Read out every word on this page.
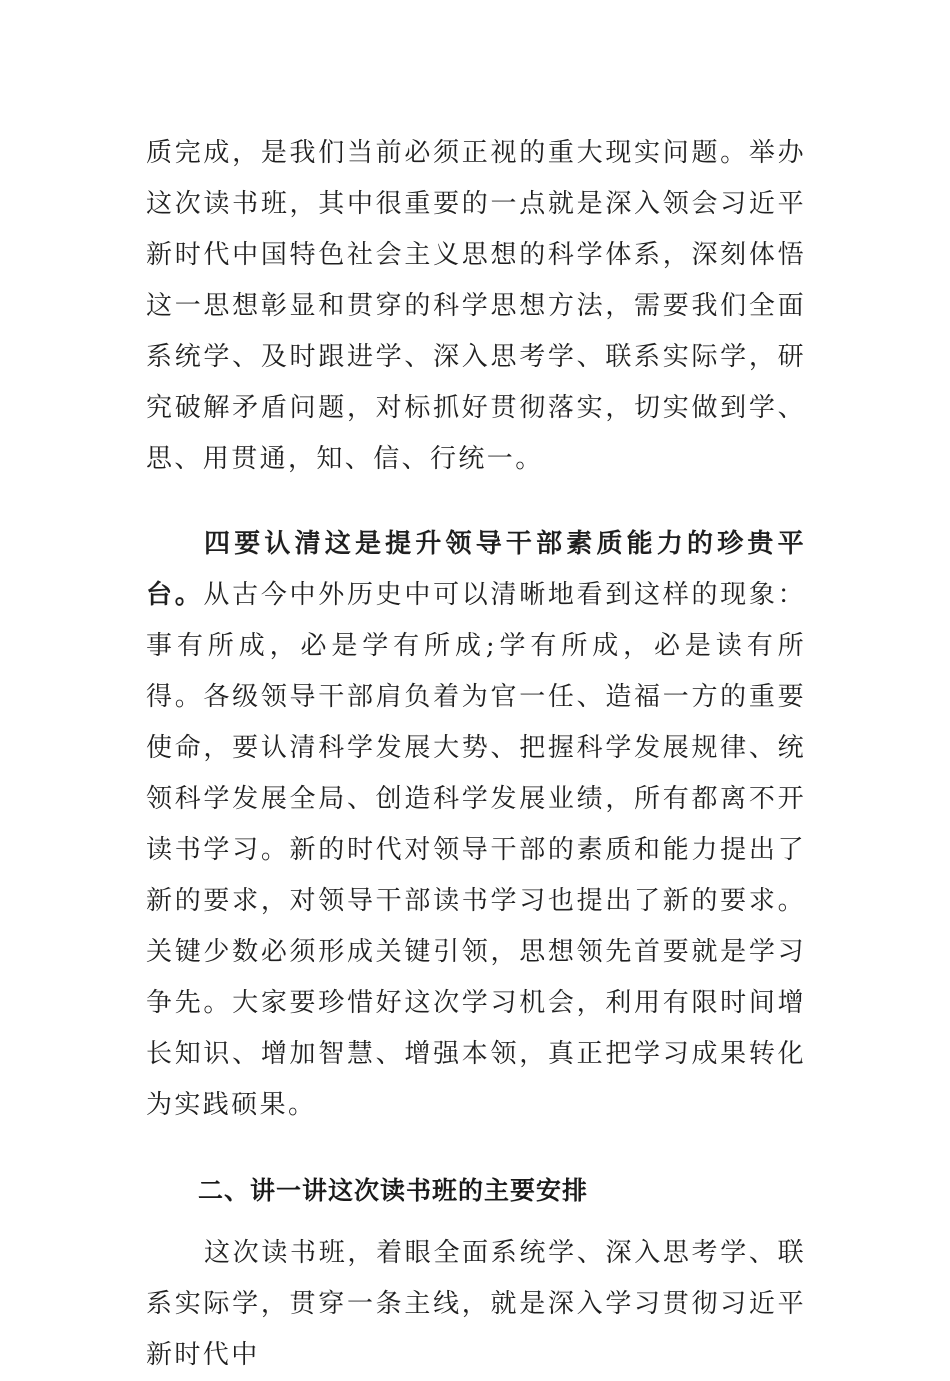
质完成，是我们当前必须正视的重大现实问题。举办这次读书班，其中很重要的一点就是深入领会习近平新时代中国特色社会主义思想的科学体系，深刻体悟这一思想彰显和贯穿的科学思想方法，需要我们全面系统学、及时跟进学、深入思考学、联系实际学，研究破解矛盾问题，对标抓好贯彻落实，切实做到学、思、用贯通，知、信、行统一。

四要认清这是提升领导干部素质能力的珍贵平台。从古今中外历史中可以清晰地看到这样的现象：事有所成，必是学有所成;学有所成，必是读有所得。各级领导干部肩负着为官一任、造福一方的重要使命，要认清科学发展大势、把握科学发展规律、统领科学发展全局、创造科学发展业绩，所有都离不开读书学习。新的时代对领导干部的素质和能力提出了新的要求，对领导干部读书学习也提出了新的要求。关键少数必须形成关键引领，思想领先首要就是学习争先。大家要珍惜好这次学习机会，利用有限时间增长知识、增加智慧、增强本领，真正把学习成果转化为实践硕果。

二、讲一讲这次读书班的主要安排

这次读书班，着眼全面系统学、深入思考学、联系实际学，贯穿一条主线，就是深入学习贯彻习近平新时代中
